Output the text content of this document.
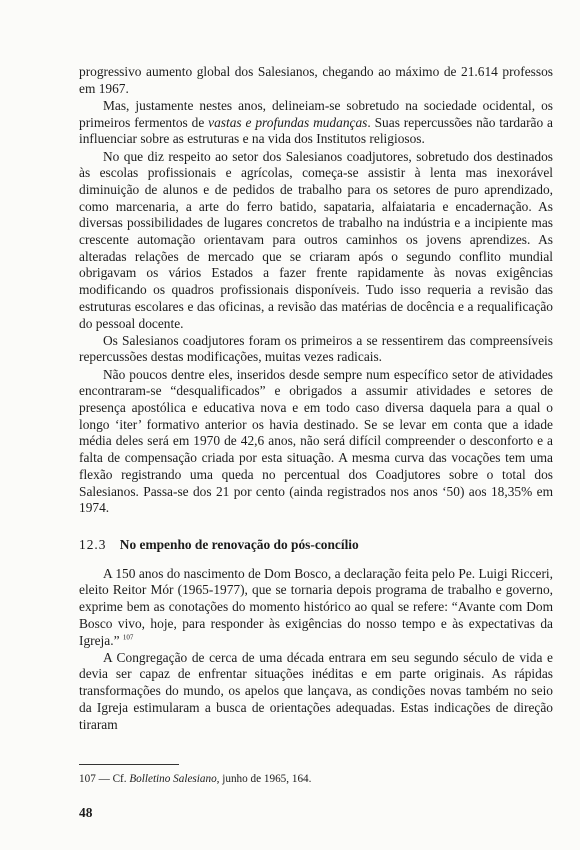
progressivo aumento global dos Salesianos, chegando ao máximo de 21.614 professos em 1967.

Mas, justamente nestes anos, delineiam-se sobretudo na sociedade ocidental, os primeiros fermentos de vastas e profundas mudanças. Suas repercussões não tardarão a influenciar sobre as estruturas e na vida dos Institutos religiosos.

No que diz respeito ao setor dos Salesianos coadjutores, sobretudo dos destinados às escolas profissionais e agrícolas, começa-se assistir à lenta mas inexorável diminuição de alunos e de pedidos de trabalho para os setores de puro aprendizado, como marcenaria, a arte do ferro batido, sapataria, alfaiataria e encadernação. As diversas possibilidades de lugares concretos de trabalho na indústria e a incipiente mas crescente automação orientavam para outros caminhos os jovens aprendizes. As alteradas relações de mercado que se criaram após o segundo conflito mundial obrigavam os vários Estados a fazer frente rapidamente às novas exigências modificando os quadros profissionais disponíveis. Tudo isso requeria a revisão das estruturas escolares e das oficinas, a revisão das matérias de docência e a requalificação do pessoal docente.

Os Salesianos coadjutores foram os primeiros a se ressentirem das compreensíveis repercussões destas modificações, muitas vezes radicais.

Não poucos dentre eles, inseridos desde sempre num específico setor de atividades encontraram-se “desqualificados” e obrigados a assumir atividades e setores de presença apostólica e educativa nova e em todo caso diversa daquela para a qual o longo ‘iter’ formativo anterior os havia destinado. Se se levar em conta que a idade média deles será em 1970 de 42,6 anos, não será difícil compreender o desconforto e a falta de compensação criada por esta situação. A mesma curva das vocações tem uma flexão registrando uma queda no percentual dos Coadjutores sobre o total dos Salesianos. Passa-se dos 21 por cento (ainda registrados nos anos ‘50) aos 18,35% em 1974.

12.3 No empenho de renovação do pós-concílio

A 150 anos do nascimento de Dom Bosco, a declaração feita pelo Pe. Luigi Ricceri, eleito Reitor Mór (1965-1977), que se tornaria depois programa de trabalho e governo, exprime bem as conotações do momento histórico ao qual se refere: “Avante com Dom Bosco vivo, hoje, para responder às exigências do nosso tempo e às expectativas da Igreja.” $^{107}$

A Congregação de cerca de uma década entrara em seu segundo século de vida e devia ser capaz de enfrentar situações inéditas e em parte originais. As rápidas transformações do mundo, os apelos que lançava, as condições novas também no seio da Igreja estimularam a busca de orientações adequadas. Estas indicações de direção tiraram

107 — Cf. Bolletino Salesiano, junho de 1965, 164.
48
